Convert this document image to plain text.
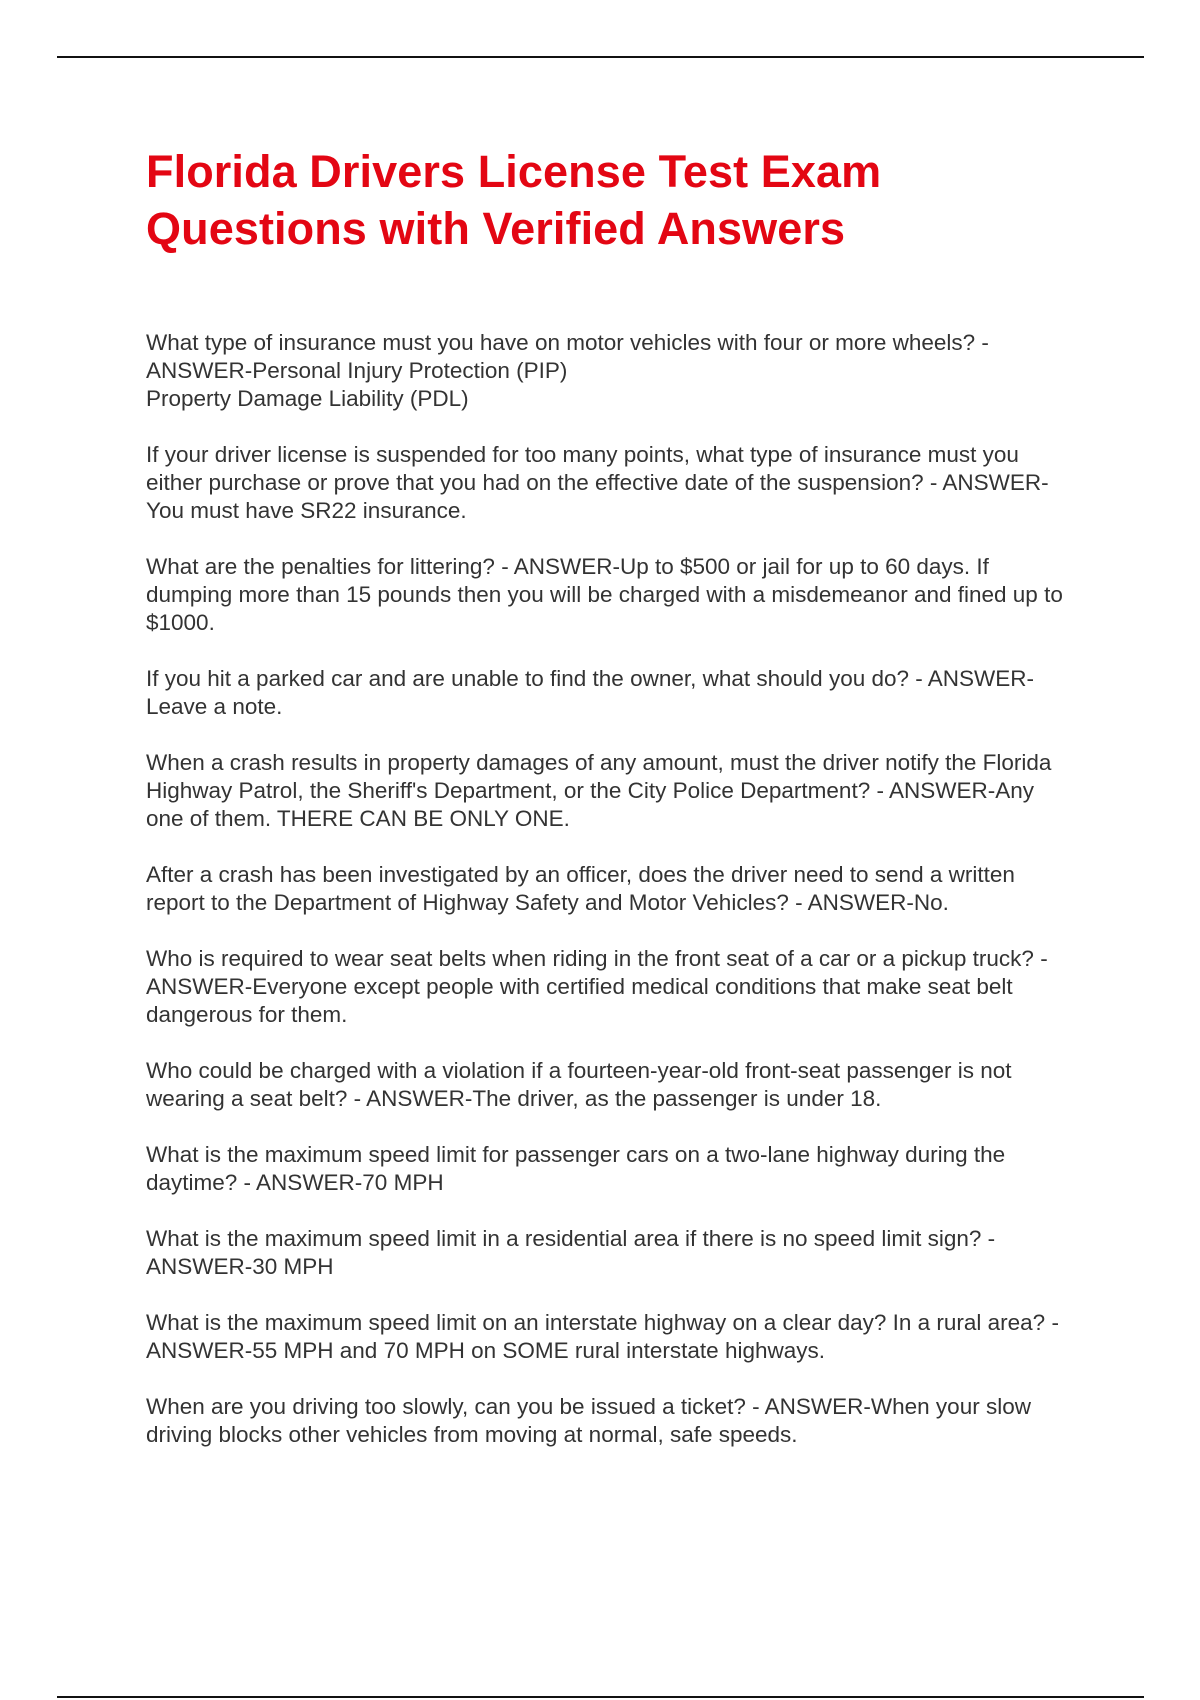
Florida Drivers License Test Exam Questions with Verified Answers

What type of insurance must you have on motor vehicles with four or more wheels? - ANSWER-Personal Injury Protection (PIP)
Property Damage Liability (PDL)

If your driver license is suspended for too many points, what type of insurance must you either purchase or prove that you had on the effective date of the suspension? - ANSWER-You must have SR22 insurance.

What are the penalties for littering? - ANSWER-Up to $500 or jail for up to 60 days. If dumping more than 15 pounds then you will be charged with a misdemeanor and fined up to $1000.

If you hit a parked car and are unable to find the owner, what should you do? - ANSWER-Leave a note.

When a crash results in property damages of any amount, must the driver notify the Florida Highway Patrol, the Sheriff's Department, or the City Police Department? - ANSWER-Any one of them. THERE CAN BE ONLY ONE.

After a crash has been investigated by an officer, does the driver need to send a written report to the Department of Highway Safety and Motor Vehicles? - ANSWER-No.

Who is required to wear seat belts when riding in the front seat of a car or a pickup truck? - ANSWER-Everyone except people with certified medical conditions that make seat belt dangerous for them.

Who could be charged with a violation if a fourteen-year-old front-seat passenger is not wearing a seat belt? - ANSWER-The driver, as the passenger is under 18.

What is the maximum speed limit for passenger cars on a two-lane highway during the daytime? - ANSWER-70 MPH

What is the maximum speed limit in a residential area if there is no speed limit sign? - ANSWER-30 MPH

What is the maximum speed limit on an interstate highway on a clear day? In a rural area? - ANSWER-55 MPH and 70 MPH on SOME rural interstate highways.

When are you driving too slowly, can you be issued a ticket? - ANSWER-When your slow driving blocks other vehicles from moving at normal, safe speeds.
